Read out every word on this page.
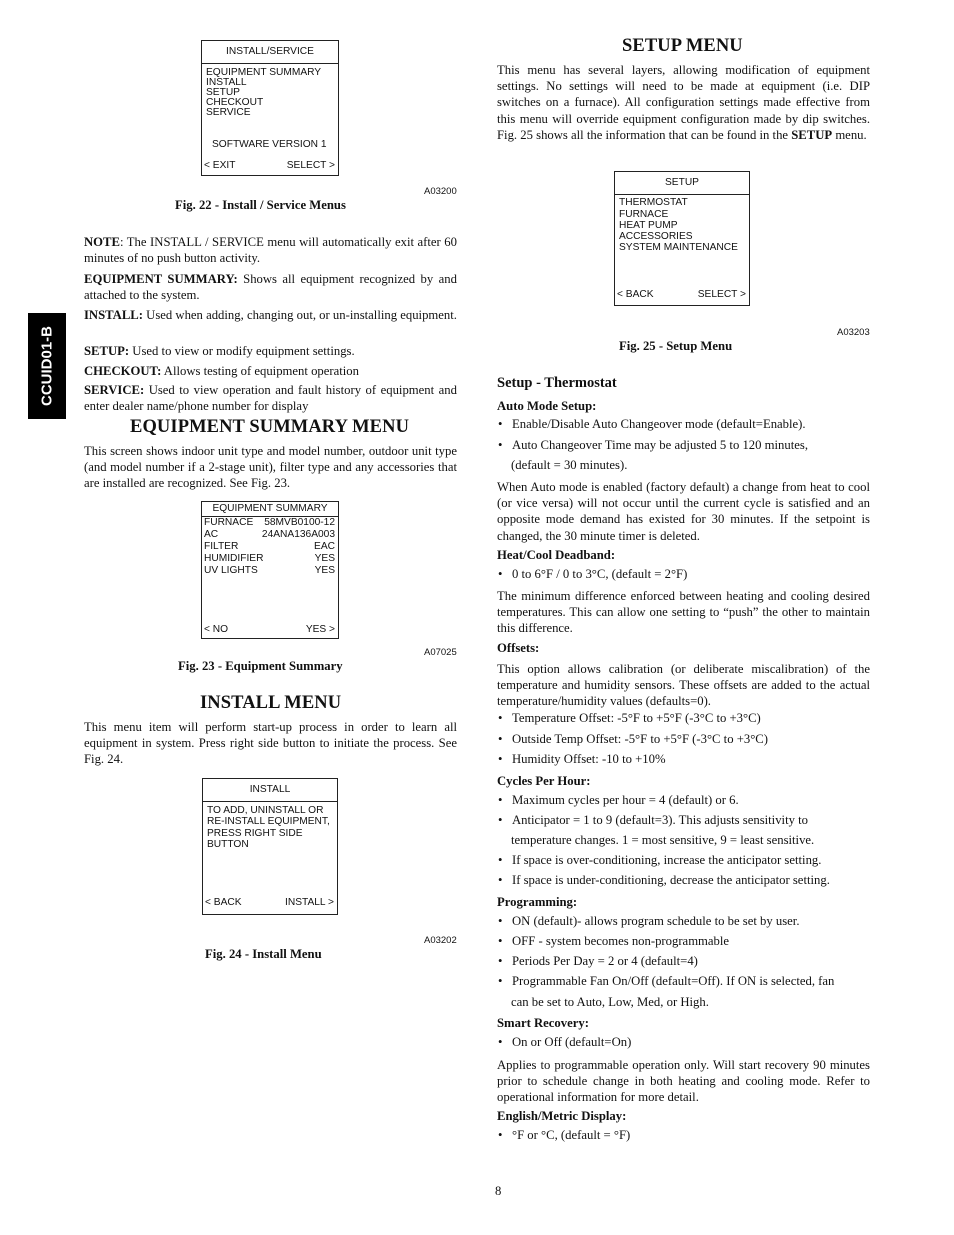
CCUID01-B
INSTALL/SERVICE
EQUIPMENT SUMMARY
INSTALL
SETUP
CHECKOUT
SERVICE
SOFTWARE VERSION 1
< EXIT	SELECT >
A03200
Fig. 22 - Install / Service Menus
NOTE: The INSTALL / SERVICE menu will automatically exit after 60 minutes of no push button activity.
EQUIPMENT SUMMARY: Shows all equipment recognized by and attached to the system.
INSTALL: Used when adding, changing out, or un-installing equipment.
SETUP: Used to view or modify equipment settings.
CHECKOUT: Allows testing of equipment operation
SERVICE: Used to view operation and fault history of equipment and enter dealer name/phone number for display
EQUIPMENT SUMMARY MENU
This screen shows indoor unit type and model number, outdoor unit type (and model number if a 2-stage unit), filter type and any accessories that are installed are recognized. See Fig. 23.
EQUIPMENT SUMMARY
FURNACE 58MVB0100-12
AC	24ANA136A003
FILTER	EAC
HUMIDIFIER	YES
UV LIGHTS	YES
< NO	YES >
A07025
Fig. 23 - Equipment Summary
INSTALL MENU
This menu item will perform start-up process in order to learn all equipment in system. Press right side button to initiate the process. See Fig. 24.
INSTALL
TO ADD, UNINSTALL OR
RE-INSTALL EQUIPMENT,
PRESS RIGHT SIDE
BUTTON
< BACK	INSTALL >
A03202
Fig. 24 - Install Menu
SETUP MENU
This menu has several layers, allowing modification of equipment settings. No settings will need to be made at equipment (i.e. DIP switches on a furnace). All configuration settings made effective from this menu will override equipment configuration made by dip switches. Fig. 25 shows all the information that can be found in the SETUP menu.
SETUP
THERMOSTAT
FURNACE
HEAT PUMP
ACCESSORIES
SYSTEM MAINTENANCE
< BACK	SELECT >
A03203
Fig. 25 - Setup Menu
Setup - Thermostat
Auto Mode Setup:
• Enable/Disable Auto Changeover mode (default=Enable).
• Auto Changeover Time may be adjusted 5 to 120 minutes,
(default = 30 minutes).
When Auto mode is enabled (factory default) a change from heat to cool (or vice versa) will not occur until the current cycle is satisfied and an opposite mode demand has existed for 30 minutes. If the setpoint is changed, the 30 minute timer is deleted.
Heat/Cool Deadband:
• 0 to 6°F / 0 to 3°C, (default = 2°F)
The minimum difference enforced between heating and cooling desired temperatures. This can allow one setting to “push” the other to maintain this difference.
Offsets:
This option allows calibration (or deliberate miscalibration) of the temperature and humidity sensors. These offsets are added to the actual temperature/humidity values (defaults=0).
• Temperature Offset: -5°F to +5°F (-3°C to +3°C)
• Outside Temp Offset: -5°F to +5°F (-3°C to +3°C)
• Humidity Offset: -10 to +10%
Cycles Per Hour:
• Maximum cycles per hour = 4 (default) or 6.
• Anticipator = 1 to 9 (default=3). This adjusts sensitivity to
temperature changes. 1 = most sensitive, 9 = least sensitive.
• If space is over-conditioning, increase the anticipator setting.
• If space is under-conditioning, decrease the anticipator setting.
Programming:
• ON (default)- allows program schedule to be set by user.
• OFF - system becomes non-programmable
• Periods Per Day = 2 or 4 (default=4)
• Programmable Fan On/Off (default=Off). If ON is selected, fan
can be set to Auto, Low, Med, or High.
Smart Recovery:
• On or Off (default=On)
Applies to programmable operation only. Will start recovery 90 minutes prior to schedule change in both heating and cooling mode. Refer to operational information for more detail.
English/Metric Display:
• °F or °C, (default = °F)
8
